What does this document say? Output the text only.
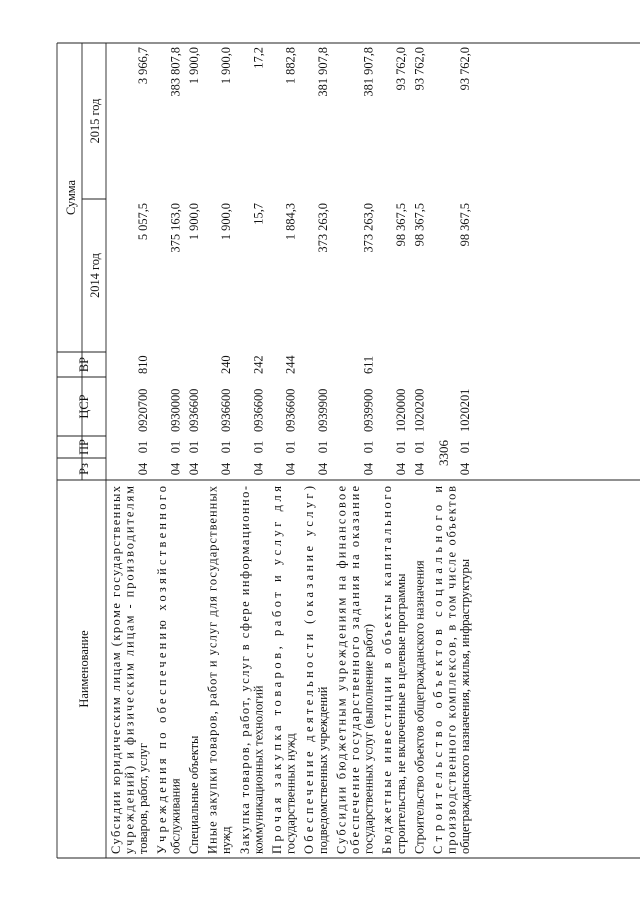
3306
Наименование
Рз
ПР
ЦСР
ВР
Сумма
2014 год
2015 год
Субсидии юридическим лицам (кроме государственных
учреждений) и физическим лицам - производителям
товаров, работ, услуг
04
01
0920700
810
5 057,5
3 966,7
Учреждения по обеспечению хозяйственного
обслуживания
04
01
0930000
375 163,0
383 807,8
Специальные объекты
04
01
0936600
1 900,0
1 900,0
Иные закупки товаров, работ и услуг для государственных
нужд
04
01
0936600
240
1 900,0
1 900,0
Закупка товаров, работ, услуг в сфере информационно-
коммуникационных технологий
04
01
0936600
242
15,7
17,2
Прочая закупка товаров, работ и услуг для
государственных нужд
04
01
0936600
244
1 884,3
1 882,8
Обеспечение деятельности (оказание услуг)
подведомственных учреждений
04
01
0939900
373 263,0
381 907,8
Субсидии бюджетным учреждениям на финансовое
обеспечение государственного задания на оказание
государственных услуг (выполнение работ)
04
01
0939900
611
373 263,0
381 907,8
Бюджетные инвестиции в объекты капитального
строительства, не включенные в целевые программы
04
01
1020000
98 367,5
93 762,0
Строительство объектов общегражданского назначения
04
01
1020200
98 367,5
93 762,0
Строительство объектов социального и
производственного комплексов, в том числе объектов
общегражданского назначения, жилья, инфраструктуры
04
01
1020201
98 367,5
93 762,0
